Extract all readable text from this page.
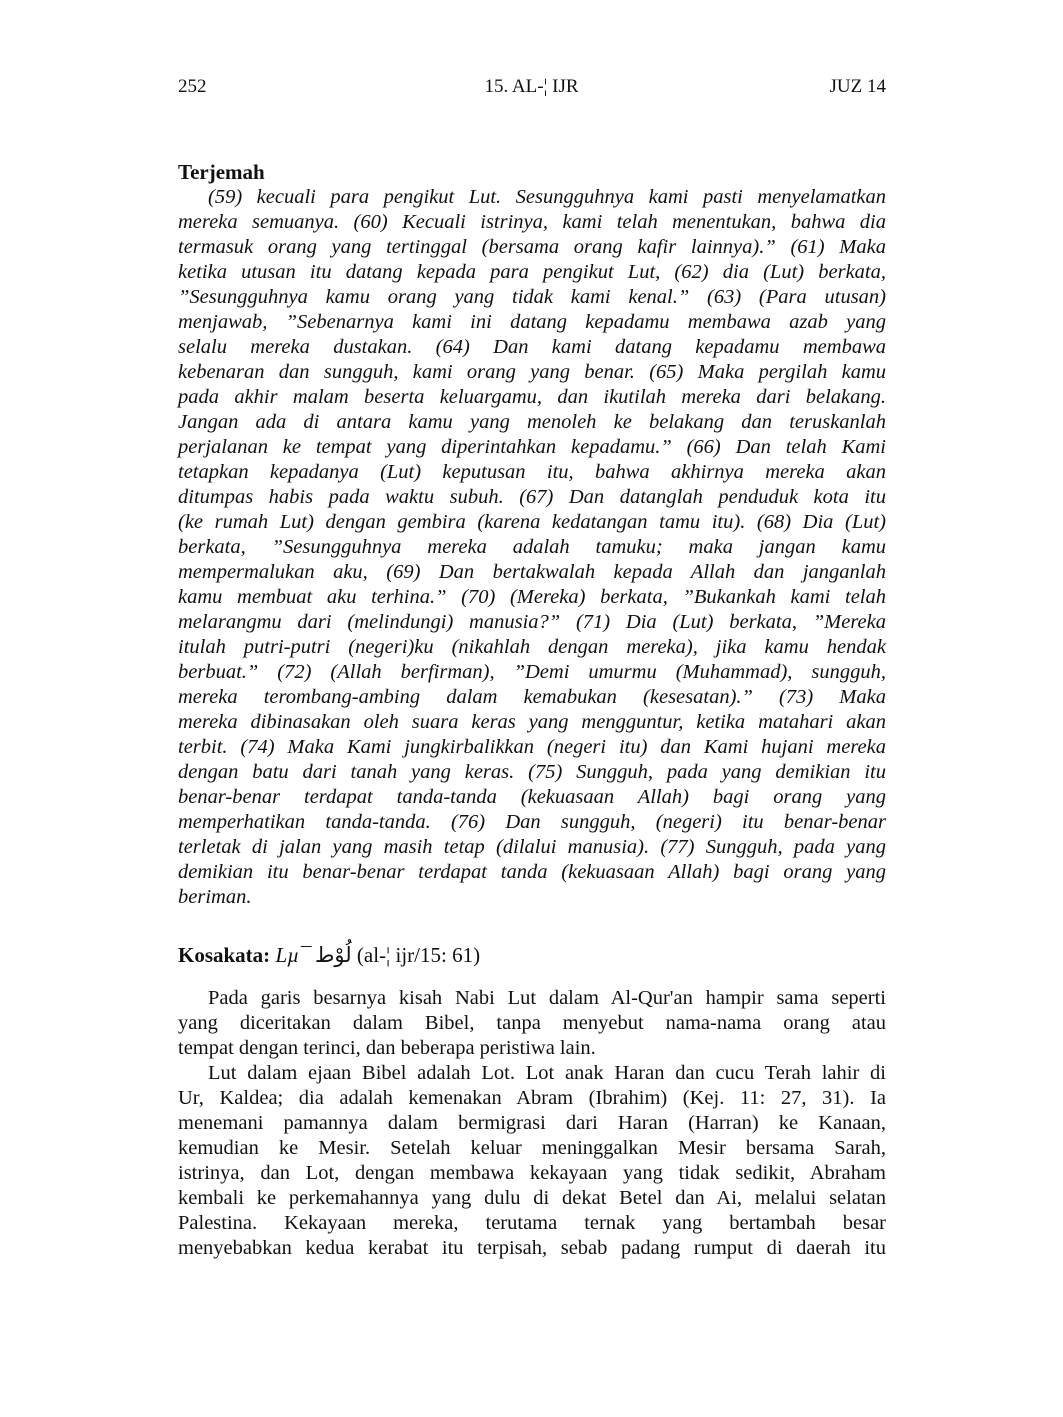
252	15. AL-¦ IJR	JUZ 14
Terjemah
(59) kecuali para pengikut Lut. Sesungguhnya kami pasti menyelamatkan
mereka semuanya. (60) Kecuali istrinya, kami telah menentukan, bahwa dia
termasuk orang yang tertinggal (bersama orang kafir lainnya).” (61) Maka
ketika utusan itu datang kepada para pengikut Lut, (62) dia (Lut) berkata,
”Sesungguhnya kamu orang yang tidak kami kenal.” (63) (Para utusan)
menjawab, ”Sebenarnya kami ini datang kepadamu membawa azab yang
selalu mereka dustakan. (64) Dan kami datang kepadamu membawa
kebenaran dan sungguh, kami orang yang benar. (65) Maka pergilah kamu
pada akhir malam beserta keluargamu, dan ikutilah mereka dari belakang.
Jangan ada di antara kamu yang menoleh ke belakang dan teruskanlah
perjalanan ke tempat yang diperintahkan kepadamu.” (66) Dan telah Kami
tetapkan kepadanya (Lut) keputusan itu, bahwa akhirnya mereka akan
ditumpas habis pada waktu subuh. (67) Dan datanglah penduduk kota itu
(ke rumah Lut) dengan gembira (karena kedatangan tamu itu). (68) Dia (Lut)
berkata, ”Sesungguhnya mereka adalah tamuku; maka jangan kamu
mempermalukan aku, (69) Dan bertakwalah kepada Allah dan janganlah
kamu membuat aku terhina.” (70) (Mereka) berkata, ”Bukankah kami telah
melarangmu dari (melindungi) manusia?” (71) Dia (Lut) berkata, ”Mereka
itulah putri-putri (negeri)ku (nikahlah dengan mereka), jika kamu hendak
berbuat.” (72) (Allah berfirman), ”Demi umurmu (Muhammad), sungguh,
mereka terombang-ambing dalam kemabukan (kesesatan).” (73) Maka
mereka dibinasakan oleh suara keras yang mengguntur, ketika matahari akan
terbit. (74) Maka Kami jungkirbalikkan (negeri itu) dan Kami hujani mereka
dengan batu dari tanah yang keras. (75) Sungguh, pada yang demikian itu
benar-benar terdapat tanda-tanda (kekuasaan Allah) bagi orang yang
memperhatikan tanda-tanda. (76) Dan sungguh, (negeri) itu benar-benar
terletak di jalan yang masih tetap (dilalui manusia). (77) Sungguh, pada yang
demikian itu benar-benar terdapat tanda (kekuasaan Allah) bagi orang yang
beriman.
Kosakata: Lµ¯ لُوْط (al-¦ ijr/15: 61)
Pada garis besarnya kisah Nabi Lut dalam Al-Qur'an hampir sama seperti
yang diceritakan dalam Bibel, tanpa menyebut nama-nama orang atau
tempat dengan terinci, dan beberapa peristiwa lain.
Lut dalam ejaan Bibel adalah Lot. Lot anak Haran dan cucu Terah lahir di
Ur, Kaldea; dia adalah kemenakan Abram (Ibrahim) (Kej. 11: 27, 31). Ia
menemani pamannya dalam bermigrasi dari Haran (Harran) ke Kanaan,
kemudian ke Mesir. Setelah keluar meninggalkan Mesir bersama Sarah,
istrinya, dan Lot, dengan membawa kekayaan yang tidak sedikit, Abraham
kembali ke perkemahannya yang dulu di dekat Betel dan Ai, melalui selatan
Palestina. Kekayaan mereka, terutama ternak yang bertambah besar
menyebabkan kedua kerabat itu terpisah, sebab padang rumput di daerah itu
